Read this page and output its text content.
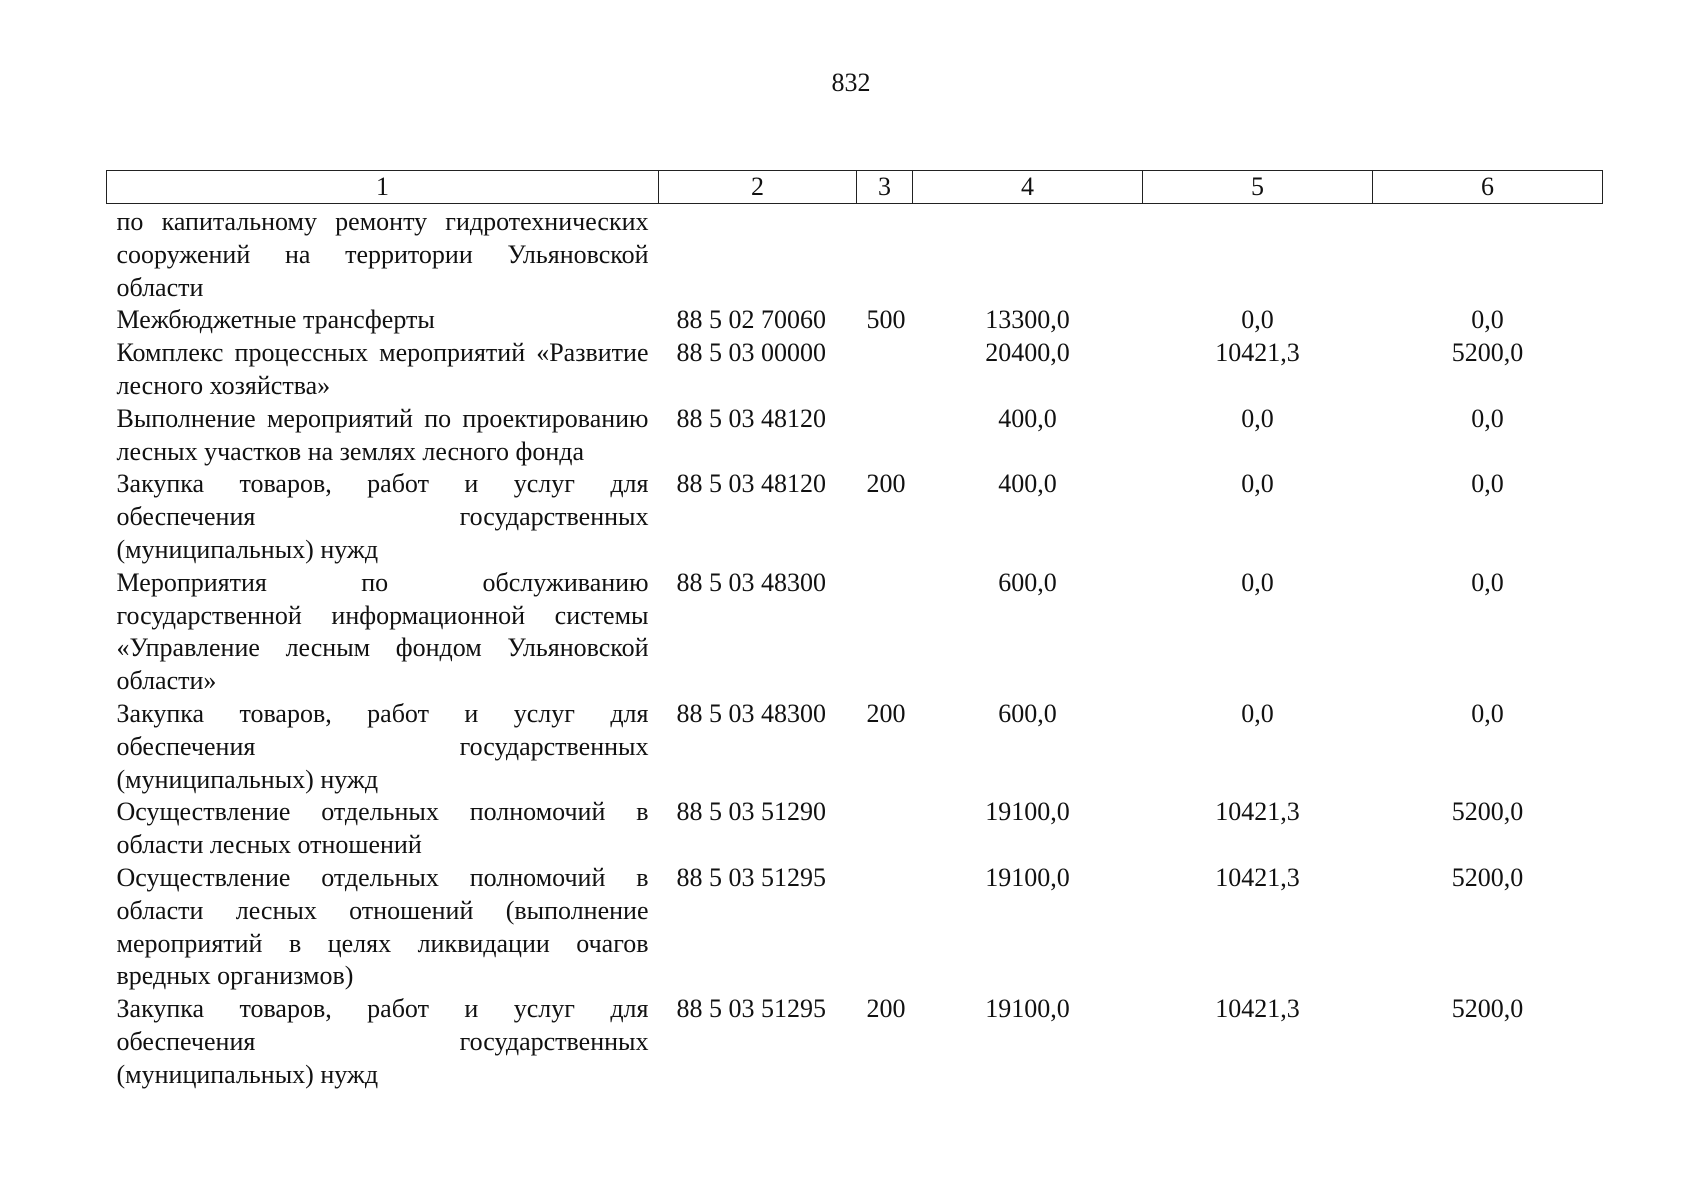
832
1	2	3	4	5	6
по капитальному ремонту гидротехнических сооружений на территории Ульяновской области					
Межбюджетные трансферты	88 5 02 70060	500	13300,0	0,0	0,0
Комплекс процессных мероприятий «Развитие лесного хозяйства»	88 5 03 00000		20400,0	10421,3	5200,0
Выполнение мероприятий по проектированию лесных участков на землях лесного фонда	88 5 03 48120		400,0	0,0	0,0
Закупка товаров, работ и услуг для обеспечения государственных (муниципальных) нужд	88 5 03 48120	200	400,0	0,0	0,0
Мероприятия по обслуживанию государственной информационной системы «Управление лесным фондом Ульяновской области»	88 5 03 48300		600,0	0,0	0,0
Закупка товаров, работ и услуг для обеспечения государственных (муниципальных) нужд	88 5 03 48300	200	600,0	0,0	0,0
Осуществление отдельных полномочий в области лесных отношений	88 5 03 51290		19100,0	10421,3	5200,0
Осуществление отдельных полномочий в области лесных отношений (выполнение мероприятий в целях ликвидации очагов вредных организмов)	88 5 03 51295		19100,0	10421,3	5200,0
Закупка товаров, работ и услуг для обеспечения государственных (муниципальных) нужд	88 5 03 51295	200	19100,0	10421,3	5200,0
